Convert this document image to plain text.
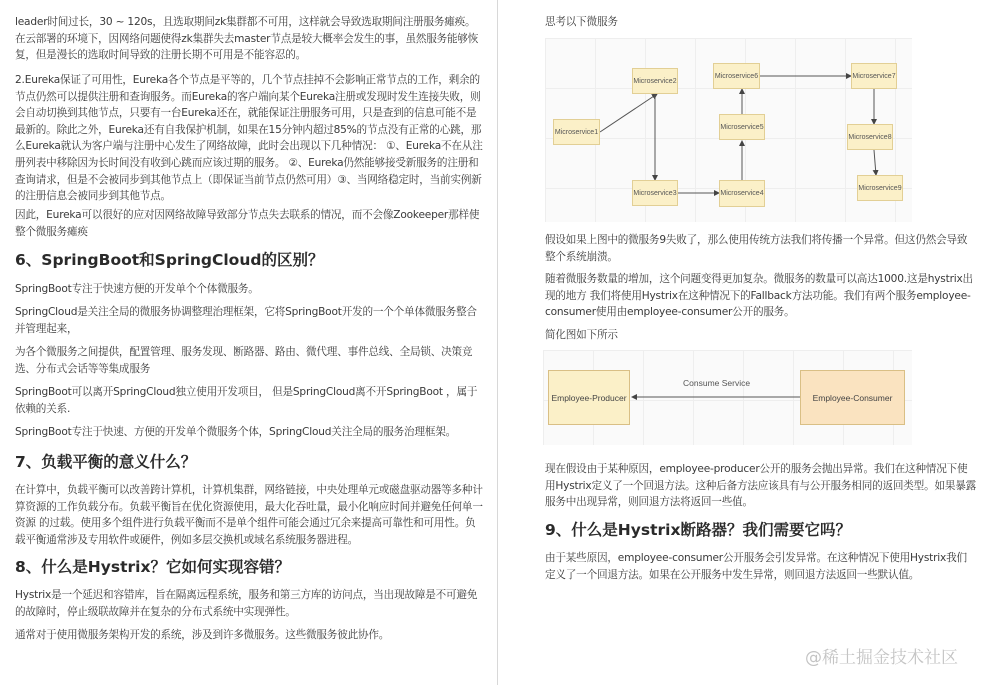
leader时间过长，30 ~ 120s，且选取期间zk集群都不可用，这样就会导致选取期间注册服务瘫痪。在云部署的环境下，因网络问题使得zk集群失去master节点是较大概率会发生的事，虽然服务能够恢复，但是漫长的选取时间导致的注册长期不可用是不能容忍的。
2.Eureka保证了可用性，Eureka各个节点是平等的，几个节点挂掉不会影响正常节点的工作，剩余的节点仍然可以提供注册和查询服务。而Eureka的客户端向某个Eureka注册或发现时发生连接失败，则会自动切换到其他节点，只要有一台Eureka还在，就能保证注册服务可用，只是查到的信息可能不是最新的。除此之外，Eureka还有自我保护机制，如果在15分钟内超过85%的节点没有正常的心跳，那么Eureka就认为客户端与注册中心发生了网络故障，此时会出现以下几种情况： ①、Eureka不在从注册列表中移除因为长时间没有收到心跳而应该过期的服务。 ②、Eureka仍然能够接受新服务的注册和查询请求，但是不会被同步到其他节点上（即保证当前节点仍然可用）③、当网络稳定时，当前实例新的注册信息会被同步到其他节点。
因此，Eureka可以很好的应对因网络故障导致部分节点失去联系的情况，而不会像Zookeeper那样使整个微服务瘫痪
6、SpringBoot和SpringCloud的区别？
SpringBoot专注于快速方便的开发单个个体微服务。
SpringCloud是关注全局的微服务协调整理治理框架，它将SpringBoot开发的一个个单体微服务整合并管理起来，
为各个微服务之间提供，配置管理、服务发现、断路器、路由、微代理、事件总线、全局锁、决策竞选、分布式会话等等集成服务
SpringBoot可以离开SpringCloud独立使用开发项目， 但是SpringCloud离不开SpringBoot ，属于依赖的关系.
SpringBoot专注于快速、方便的开发单个微服务个体，SpringCloud关注全局的服务治理框架。
7、负载平衡的意义什么？
在计算中，负载平衡可以改善跨计算机，计算机集群，网络链接，中央处理单元或磁盘驱动器等多种计算资源的工作负载分布。负载平衡旨在优化资源使用，最大化吞吐量，最小化响应时间并避免任何单一资源 的过载。使用多个组件进行负载平衡而不是单个组件可能会通过冗余来提高可靠性和可用性。负载平衡通常涉及专用软件或硬件，例如多层交换机或域名系统服务器进程。
8、什么是Hystrix？它如何实现容错？
Hystrix是一个延迟和容错库，旨在隔离远程系统，服务和第三方库的访问点，当出现故障是不可避免的故障时，停止级联故障并在复杂的分布式系统中实现弹性。
通常对于使用微服务架构开发的系统，涉及到许多微服务。这些微服务彼此协作。
思考以下微服务
Microservice1
Microservice2
Microservice3	Microservice4
Microservice5
Microservice6	Microservice7
Microservice8
Microservice9
假设如果上图中的微服务9失败了，那么使用传统方法我们将传播一个异常。但这仍然会导致整个系统崩溃。
随着微服务数量的增加，这个问题变得更加复杂。微服务的数量可以高达1000.这是hystrix出现的地方 我们将使用Hystrix在这种情况下的Fallback方法功能。我们有两个服务employee-consumer使用由employee-consumer公开的服务。
简化图如下所示
Employee-Producer	Employee-Consumer
Consume Service
现在假设由于某种原因，employee-producer公开的服务会抛出异常。我们在这种情况下使用Hystrix定义了一个回退方法。这种后备方法应该具有与公开服务相同的返回类型。如果暴露服务中出现异常，则回退方法将返回一些值。
9、什么是Hystrix断路器？我们需要它吗？
由于某些原因，employee-consumer公开服务会引发异常。在这种情况下使用Hystrix我们定义了一个回退方法。如果在公开服务中发生异常，则回退方法返回一些默认值。
@稀土掘金技术社区
